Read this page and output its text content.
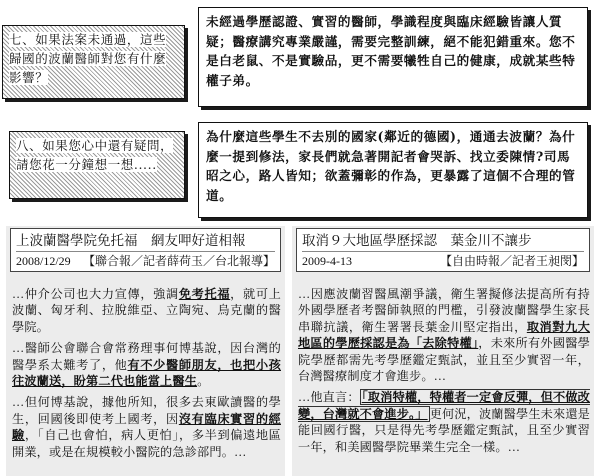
七、如果法案未通過，這些歸國的波蘭醫師對您有什麼影響？
未經過學歷認證、實習的醫師，學識程度與臨床經驗皆讓人質疑；醫療講究專業嚴謹，需要完整訓練，絕不能犯錯重來。您不是白老鼠、不是實驗品，更不需要犧牲自己的健康，成就某些特權子弟。
八、如果您心中還有疑問，請您花一分鐘想一想.....
為什麼這些學生不去別的國家(鄰近的德國)，通通去波蘭？為什麼一提到修法，家長們就急著開記者會哭訴、找立委陳情?司馬昭之心，路人皆知；欲蓋彌彰的作為，更暴露了這個不合理的管道。
上波蘭醫學院免托福　網友呷好道相報
2008/12/29 【聯合報／記者薛荷玉／台北報導】

…仲介公司也大力宣傳，強調免考托福，就可上波蘭、匈牙利、拉脫維亞、立陶宛、烏克蘭的醫學院。

…醫師公會聯合會常務理事何博基說，因台灣的醫學系太難考了，他有不少醫師朋友，也把小孩往波蘭送，盼第二代也能當上醫生。

…但何博基說，據他所知，很多去東歐讀醫的學生，回國後即使考上國考，因沒有臨床實習的經驗，「自己也會怕，病人更怕」，多半到偏遠地區開業，或是在規模較小醫院的急診部門。…

取消９大地區學歷採認　葉金川不讓步
2009-4-13	【自由時報／記者王昶閔】

…因應波蘭習醫風潮爭議，衛生署擬修法提高所有持外國學歷者考醫師執照的門檻，引發波蘭醫學生家長串聯抗議，衛生署署長葉金川堅定指出，取消對九大地區的學歷採認是為「去除特權」，未來所有外國醫學院學歷都需先考學歷鑑定甄試，並且至少實習一年，台灣醫療制度才會進步。…

…他直言： 「取消特權，特權者一定會反彈，但不做改變，台灣就不會進步。」 更何況，波蘭醫學生未來還是能回國行醫，只是得先考學歷鑑定甄試，且至少實習一年，和美國醫學院畢業生完全一樣。…
